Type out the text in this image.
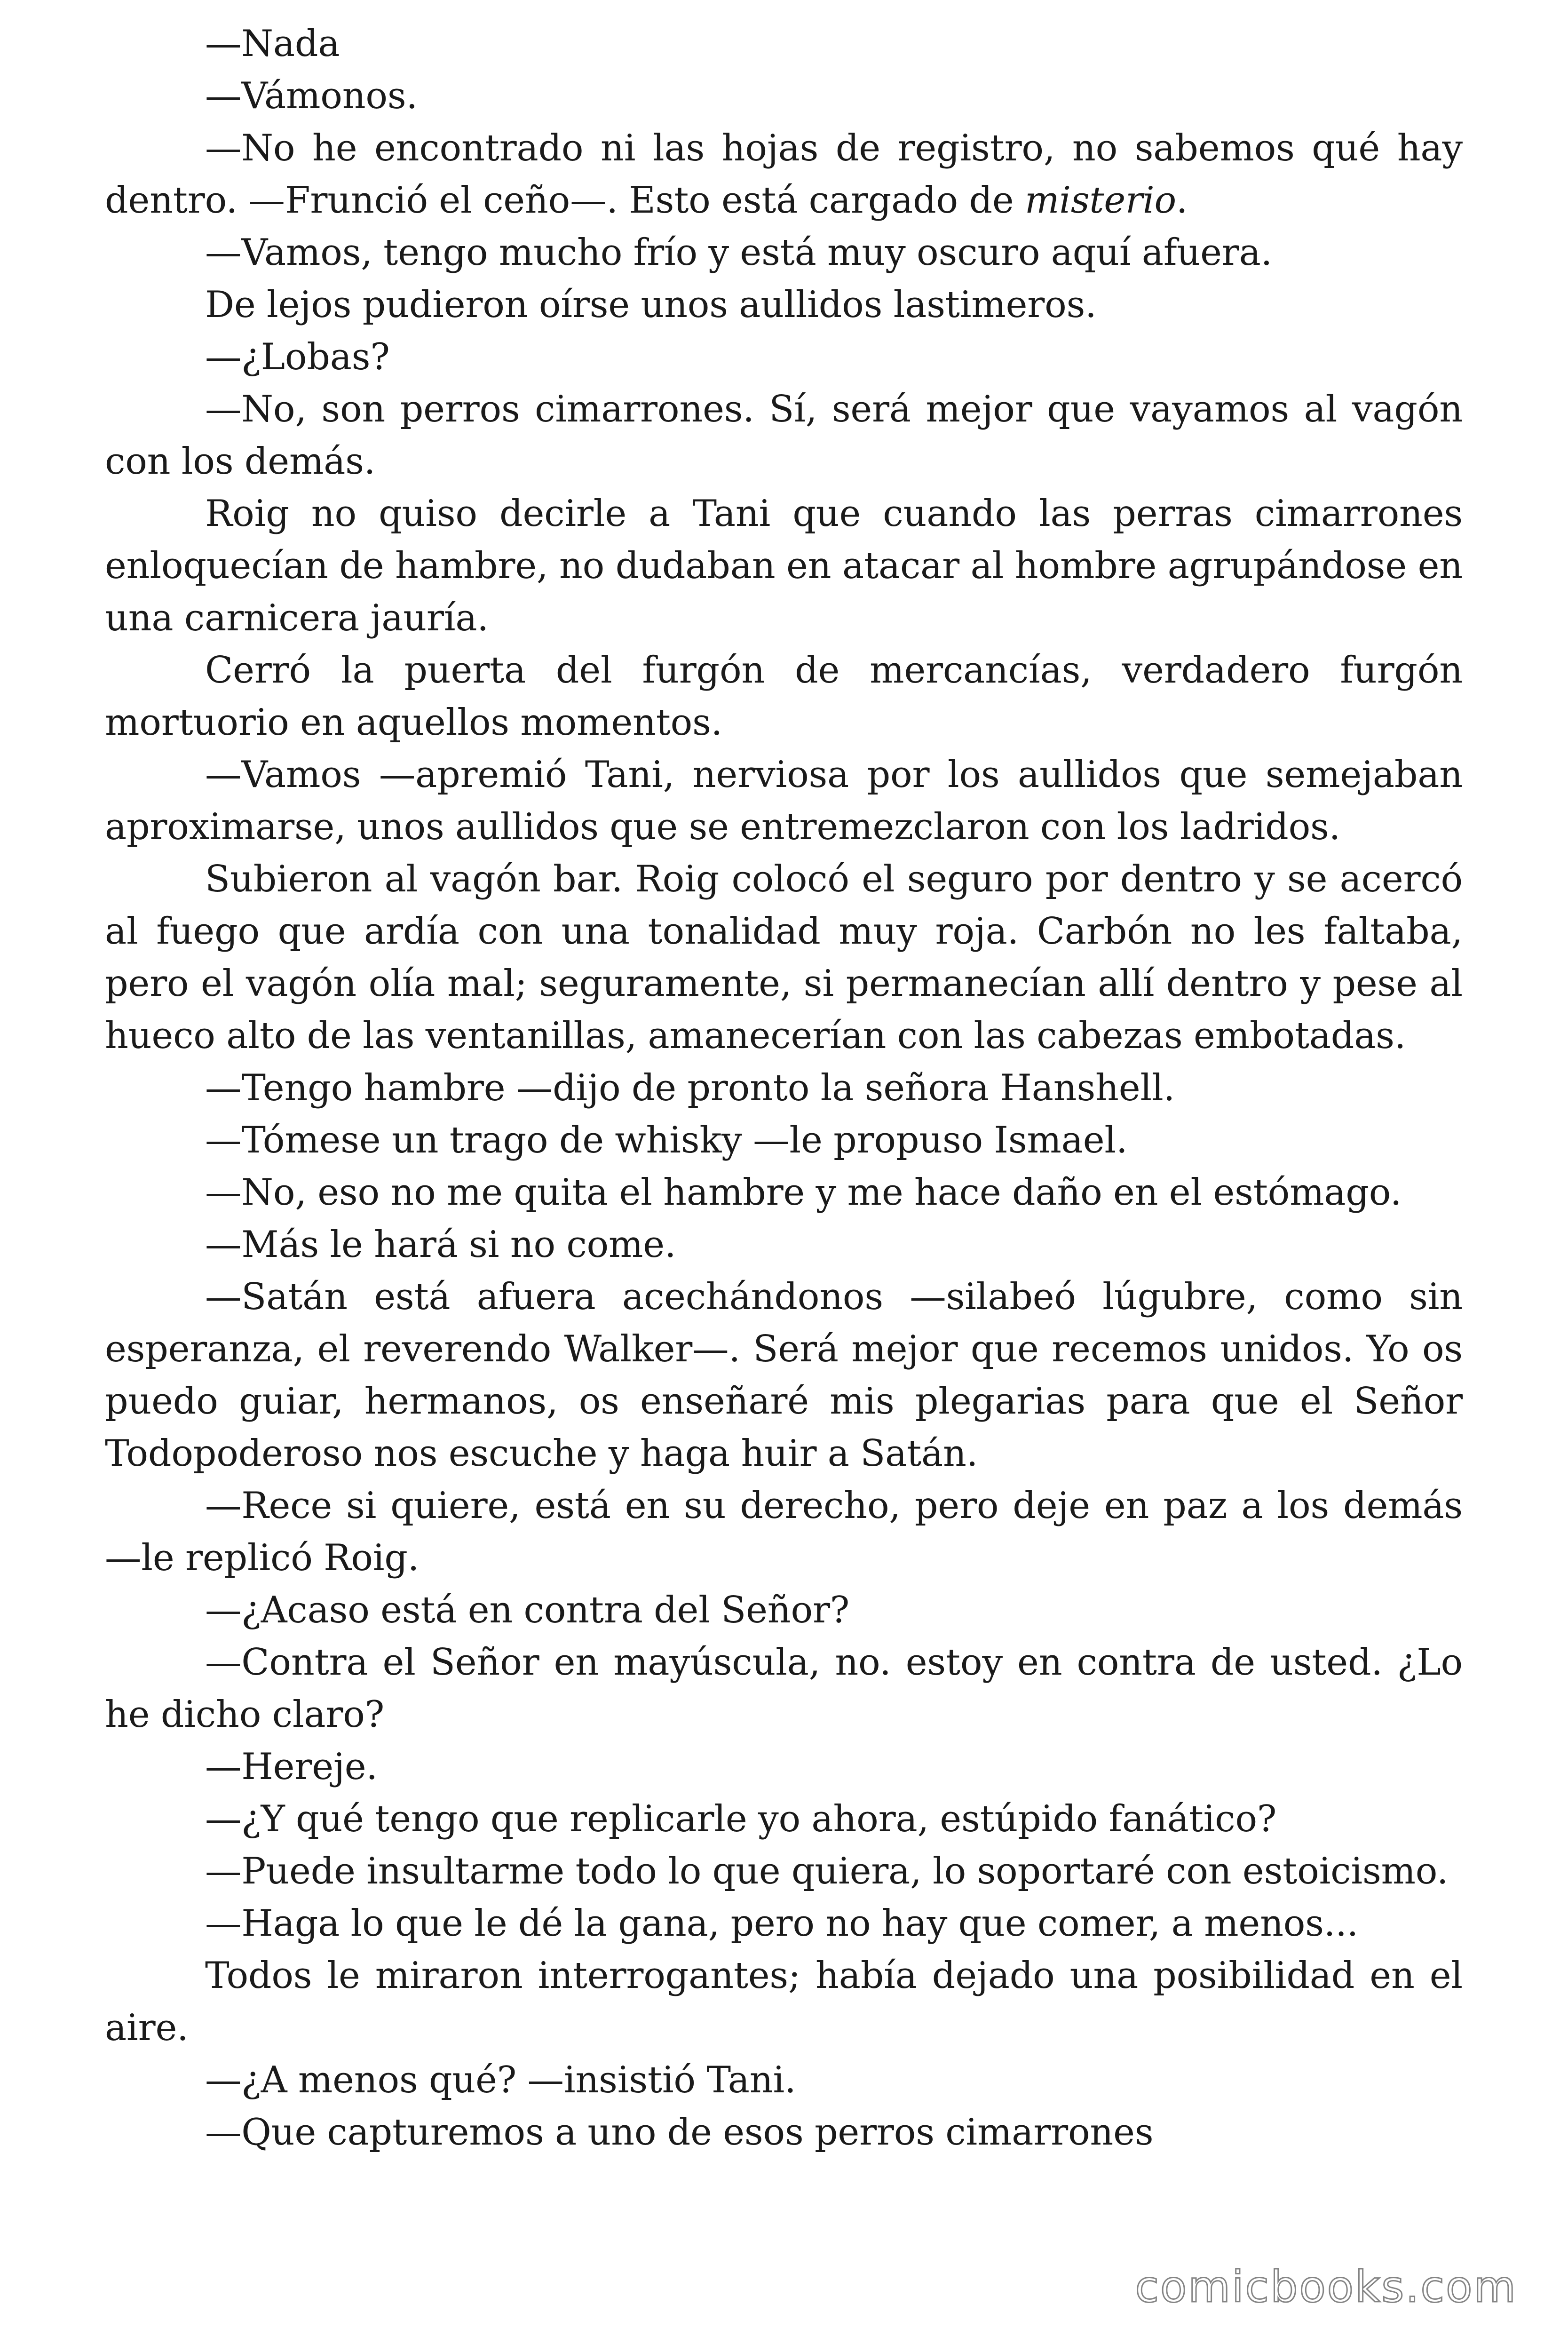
—Nada

—Vámonos.

—No he encontrado ni las hojas de registro, no sabemos qué hay dentro. —Frunció el ceño—. Esto está cargado de misterio.

—Vamos, tengo mucho frío y está muy oscuro aquí afuera.

De lejos pudieron oírse unos aullidos lastimeros.

—¿Lobas?

—No, son perros cimarrones. Sí, será mejor que vayamos al vagón con los demás.

Roig no quiso decirle a Tani que cuando las perras cimarrones enloquecían de hambre, no dudaban en atacar al hombre agrupándose en una carnicera jauría.

Cerró la puerta del furgón de mercancías, verdadero furgón mortuorio en aquellos momentos.

—Vamos —apremió Tani, nerviosa por los aullidos que semejaban aproximarse, unos aullidos que se entremezclaron con los ladridos.

Subieron al vagón bar. Roig colocó el seguro por dentro y se acercó al fuego que ardía con una tonalidad muy roja. Carbón no les faltaba, pero el vagón olía mal; seguramente, si permanecían allí dentro y pese al hueco alto de las ventanillas, amanecerían con las cabezas embotadas.

—Tengo hambre —dijo de pronto la señora Hanshell.

—Tómese un trago de whisky —le propuso Ismael.

—No, eso no me quita el hambre y me hace daño en el estómago.

—Más le hará si no come.

—Satán está afuera acechándonos —silabeó lúgubre, como sin esperanza, el reverendo Walker—. Será mejor que recemos unidos. Yo os puedo guiar, hermanos, os enseñaré mis plegarias para que el Señor Todopoderoso nos escuche y haga huir a Satán.

—Rece si quiere, está en su derecho, pero deje en paz a los demás —le replicó Roig.

—¿Acaso está en contra del Señor?

—Contra el Señor en mayúscula, no. estoy en contra de usted. ¿Lo he dicho claro?

—Hereje.

—¿Y qué tengo que replicarle yo ahora, estúpido fanático?

—Puede insultarme todo lo que quiera, lo soportaré con estoicismo.

—Haga lo que le dé la gana, pero no hay que comer, a menos...

Todos le miraron interrogantes; había dejado una posibilidad en el aire.

—¿A menos qué? —insistió Tani.

—Que capturemos a uno de esos perros cimarrones

comicbooks.com
